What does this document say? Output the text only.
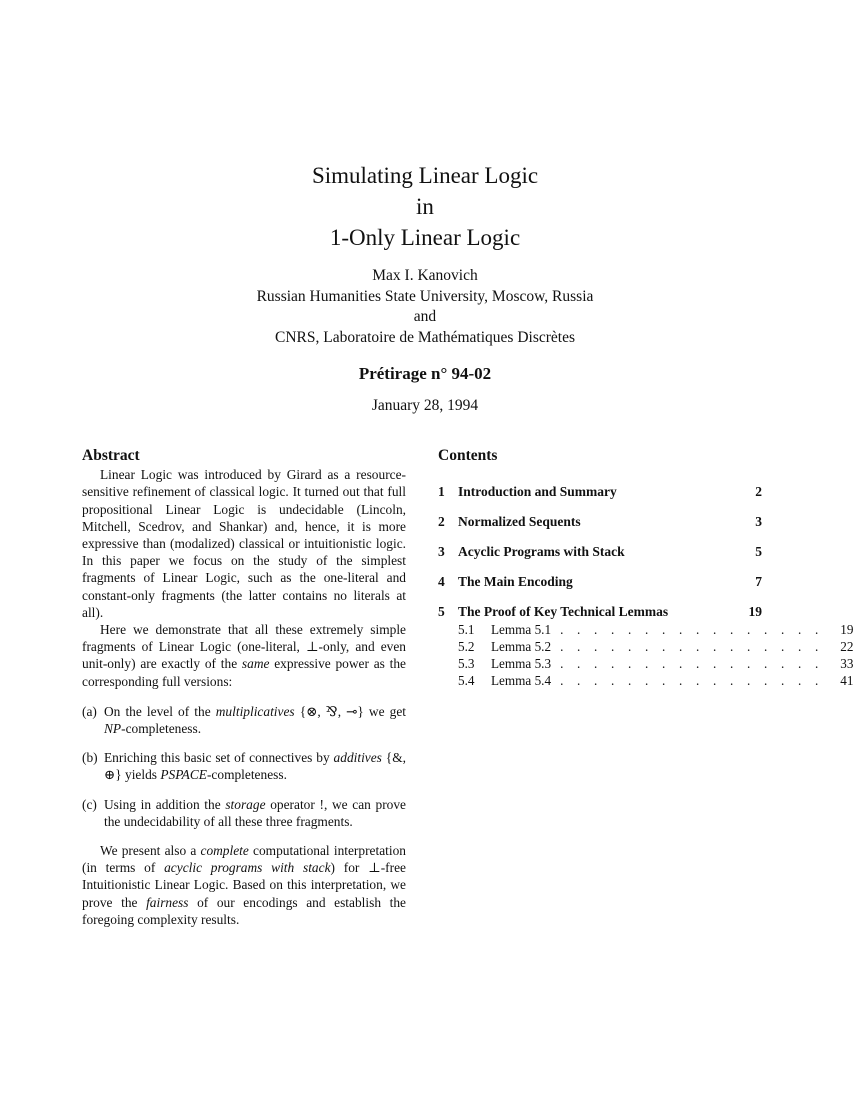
Simulating Linear Logic
in
1-Only Linear Logic
Max I. Kanovich
Russian Humanities State University, Moscow, Russia
and
CNRS, Laboratoire de Mathématiques Discrètes
Prétirage n° 94-02
January 28, 1994
Abstract

Linear Logic was introduced by Girard as a resource-sensitive refinement of classical logic. It turned out that full propositional Linear Logic is undecidable (Lincoln, Mitchell, Scedrov, and Shankar) and, hence, it is more expressive than (modalized) classical or intuitionistic logic. In this paper we focus on the study of the simplest fragments of Linear Logic, such as the one-literal and constant-only fragments (the latter contains no literals at all).

Here we demonstrate that all these extremely simple fragments of Linear Logic (one-literal, ⊥-only, and even unit-only) are exactly of the same expressive power as the corresponding full versions:

(a) On the level of the multiplicatives {⊗, ⅋, ⊸} we get NP-completeness.
(b) Enriching this basic set of connectives by additives {&, ⊕} yields PSPACE-completeness.
(c) Using in addition the storage operator !, we can prove the undecidability of all these three fragments.

We present also a complete computational interpretation (in terms of acyclic programs with stack) for ⊥-free Intuitionistic Linear Logic. Based on this interpretation, we prove the fairness of our encodings and establish the foregoing complexity results.

Contents
1 Introduction and Summary	2
2 Normalized Sequents	3
3 Acyclic Programs with Stack	5
4 The Main Encoding	7
5 The Proof of Key Technical Lemmas	19
5.1	Lemma 5.1 . . . . . . . . . . . . . . . .	19
5.2	Lemma 5.2 . . . . . . . . . . . . . . . .	22
5.3	Lemma 5.3 . . . . . . . . . . . . . . . .	33
5.4	Lemma 5.4 . . . . . . . . . . . . . . . .	41
